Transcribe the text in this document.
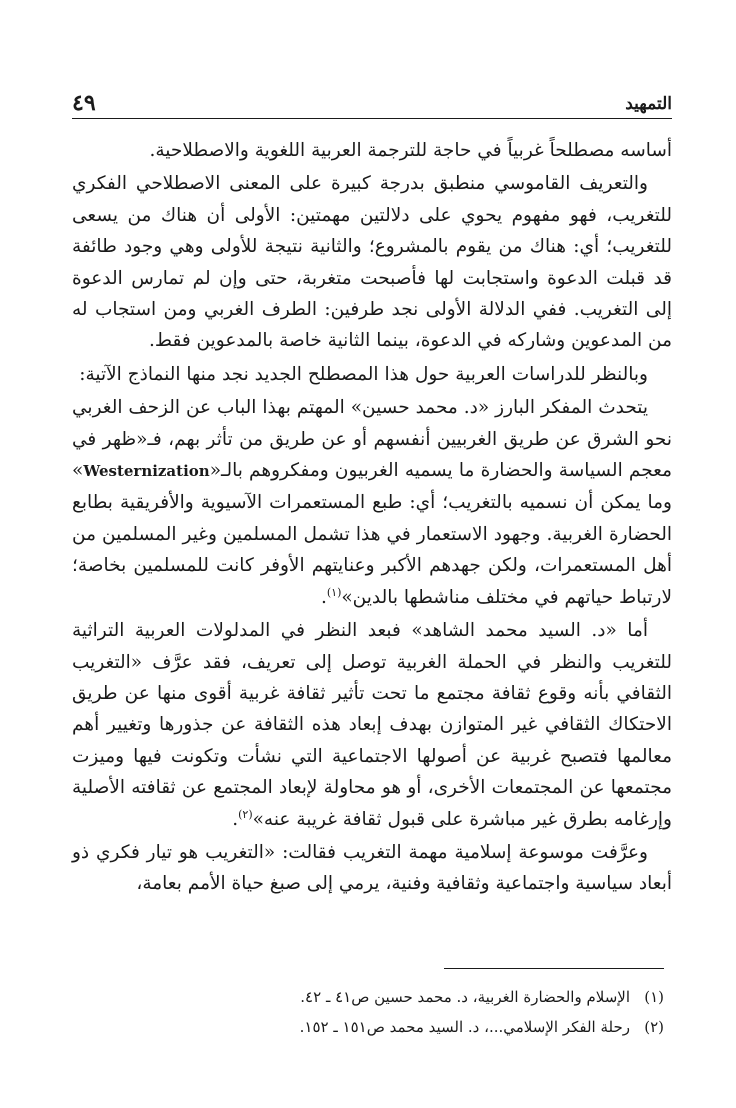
التمهيد
٤٩

أساسه مصطلحاً غربياً في حاجة للترجمة العربية اللغوية والاصطلاحية.

والتعريف القاموسي منطبق بدرجة كبيرة على المعنى الاصطلاحي الفكري للتغريب، فهو مفهوم يحوي على دلالتين مهمتين: الأولى أن هناك من يسعى للتغريب؛ أي: هناك من يقوم بالمشروع؛ والثانية نتيجة للأولى وهي وجود طائفة قد قبلت الدعوة واستجابت لها فأصبحت متغربة، حتى وإن لم تمارس الدعوة إلى التغريب. ففي الدلالة الأولى نجد طرفين: الطرف الغربي ومن استجاب له من المدعوين وشاركه في الدعوة، بينما الثانية خاصة بالمدعوين فقط.

وبالنظر للدراسات العربية حول هذا المصطلح الجديد نجد منها النماذج الآتية:

يتحدث المفكر البارز «د. محمد حسين» المهتم بهذا الباب عن الزحف الغربي نحو الشرق عن طريق الغربيين أنفسهم أو عن طريق من تأثر بهم، فـ«ظهر في معجم السياسة والحضارة ما يسميه الغربيون ومفكروهم بالـ«Westernization» وما يمكن أن نسميه بالتغريب؛ أي: طبع المستعمرات الآسيوية والأفريقية بطابع الحضارة الغربية. وجهود الاستعمار في هذا تشمل المسلمين وغير المسلمين من أهل المستعمرات، ولكن جهدهم الأكبر وعنايتهم الأوفر كانت للمسلمين بخاصة؛ لارتباط حياتهم في مختلف مناشطها بالدين»$^{(١)}$.

أما «د. السيد محمد الشاهد» فبعد النظر في المدلولات العربية التراثية للتغريب والنظر في الحملة الغربية توصل إلى تعريف، فقد عرَّف «التغريب الثقافي بأنه وقوع ثقافة مجتمع ما تحت تأثير ثقافة غربية أقوى منها عن طريق الاحتكاك الثقافي غير المتوازن بهدف إبعاد هذه الثقافة عن جذورها وتغيير أهم معالمها فتصبح غربية عن أصولها الاجتماعية التي نشأت وتكونت فيها وميزت مجتمعها عن المجتمعات الأخرى، أو هو محاولة لإبعاد المجتمع عن ثقافته الأصلية وإرغامه بطرق غير مباشرة على قبول ثقافة غريبة عنه»$^{(٢)}$.

وعرَّفت موسوعة إسلامية مهمة التغريب فقالت: «التغريب هو تيار فكري ذو أبعاد سياسية واجتماعية وثقافية وفنية، يرمي إلى صبغ حياة الأمم بعامة،

(١)
الإسلام والحضارة الغربية، د. محمد حسين ص٤١ ـ ٤٢.
(٢)
رحلة الفكر الإسلامي...، د. السيد محمد ص١٥١ ـ ١٥٢.
